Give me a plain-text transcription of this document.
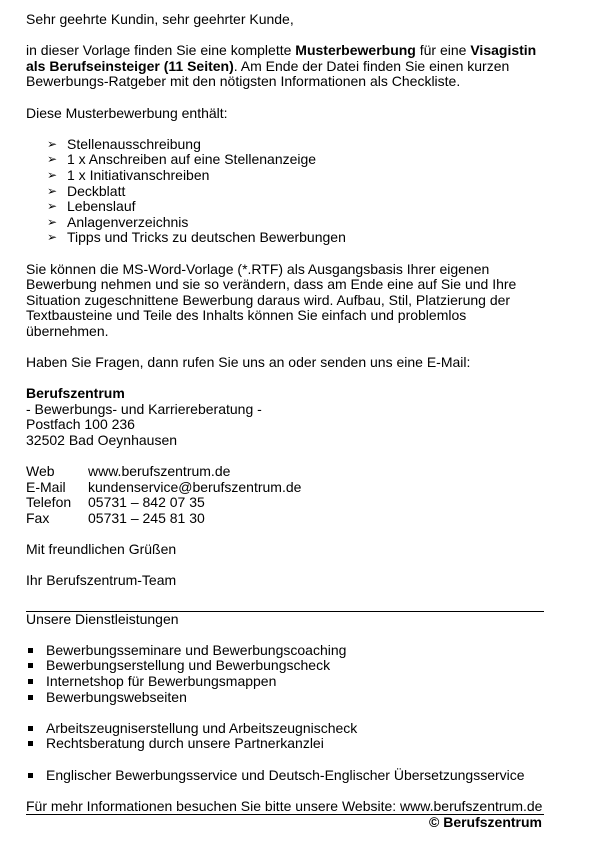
Sehr geehrte Kundin, sehr geehrter Kunde,

in dieser Vorlage finden Sie eine komplette Musterbewerbung für eine Visagistin als Berufseinsteiger (11 Seiten). Am Ende der Datei finden Sie einen kurzen Bewerbungs-Ratgeber mit den nötigsten Informationen als Checkliste.

Diese Musterbewerbung enthält:

➢ Stellenausschreibung
➢ 1 x Anschreiben auf eine Stellenanzeige
➢ 1 x Initiativanschreiben
➢ Deckblatt
➢ Lebenslauf
➢ Anlagenverzeichnis
➢ Tipps und Tricks zu deutschen Bewerbungen

Sie können die MS-Word-Vorlage (*.RTF) als Ausgangsbasis Ihrer eigenen Bewerbung nehmen und sie so verändern, dass am Ende eine auf Sie und Ihre Situation zugeschnittene Bewerbung daraus wird. Aufbau, Stil, Platzierung der Textbausteine und Teile des Inhalts können Sie einfach und problemlos übernehmen.

Haben Sie Fragen, dann rufen Sie uns an oder senden uns eine E-Mail:

Berufszentrum

- Bewerbungs- und Karriereberatung -

Postfach 100 236

32502 Bad Oeynhausen

Web	www.berufszentrum.de
E-Mail	kundenservice@berufszentrum.de
Telefon	05731 – 842 07 35
Fax	05731 – 245 81 30

Mit freundlichen Grüßen

Ihr Berufszentrum-Team

Unsere Dienstleistungen

Bewerbungsseminare und Bewerbungscoaching
Bewerbungserstellung und Bewerbungscheck
Internetshop für Bewerbungsmappen
Bewerbungswebseiten
Arbeitszeugniserstellung und Arbeitszeugnischeck
Rechtsberatung durch unsere Partnerkanzlei
Englischer Bewerbungsservice und Deutsch-Englischer Übersetzungsservice

Für mehr Informationen besuchen Sie bitte unsere Website: www.berufszentrum.de

© Berufszentrum
